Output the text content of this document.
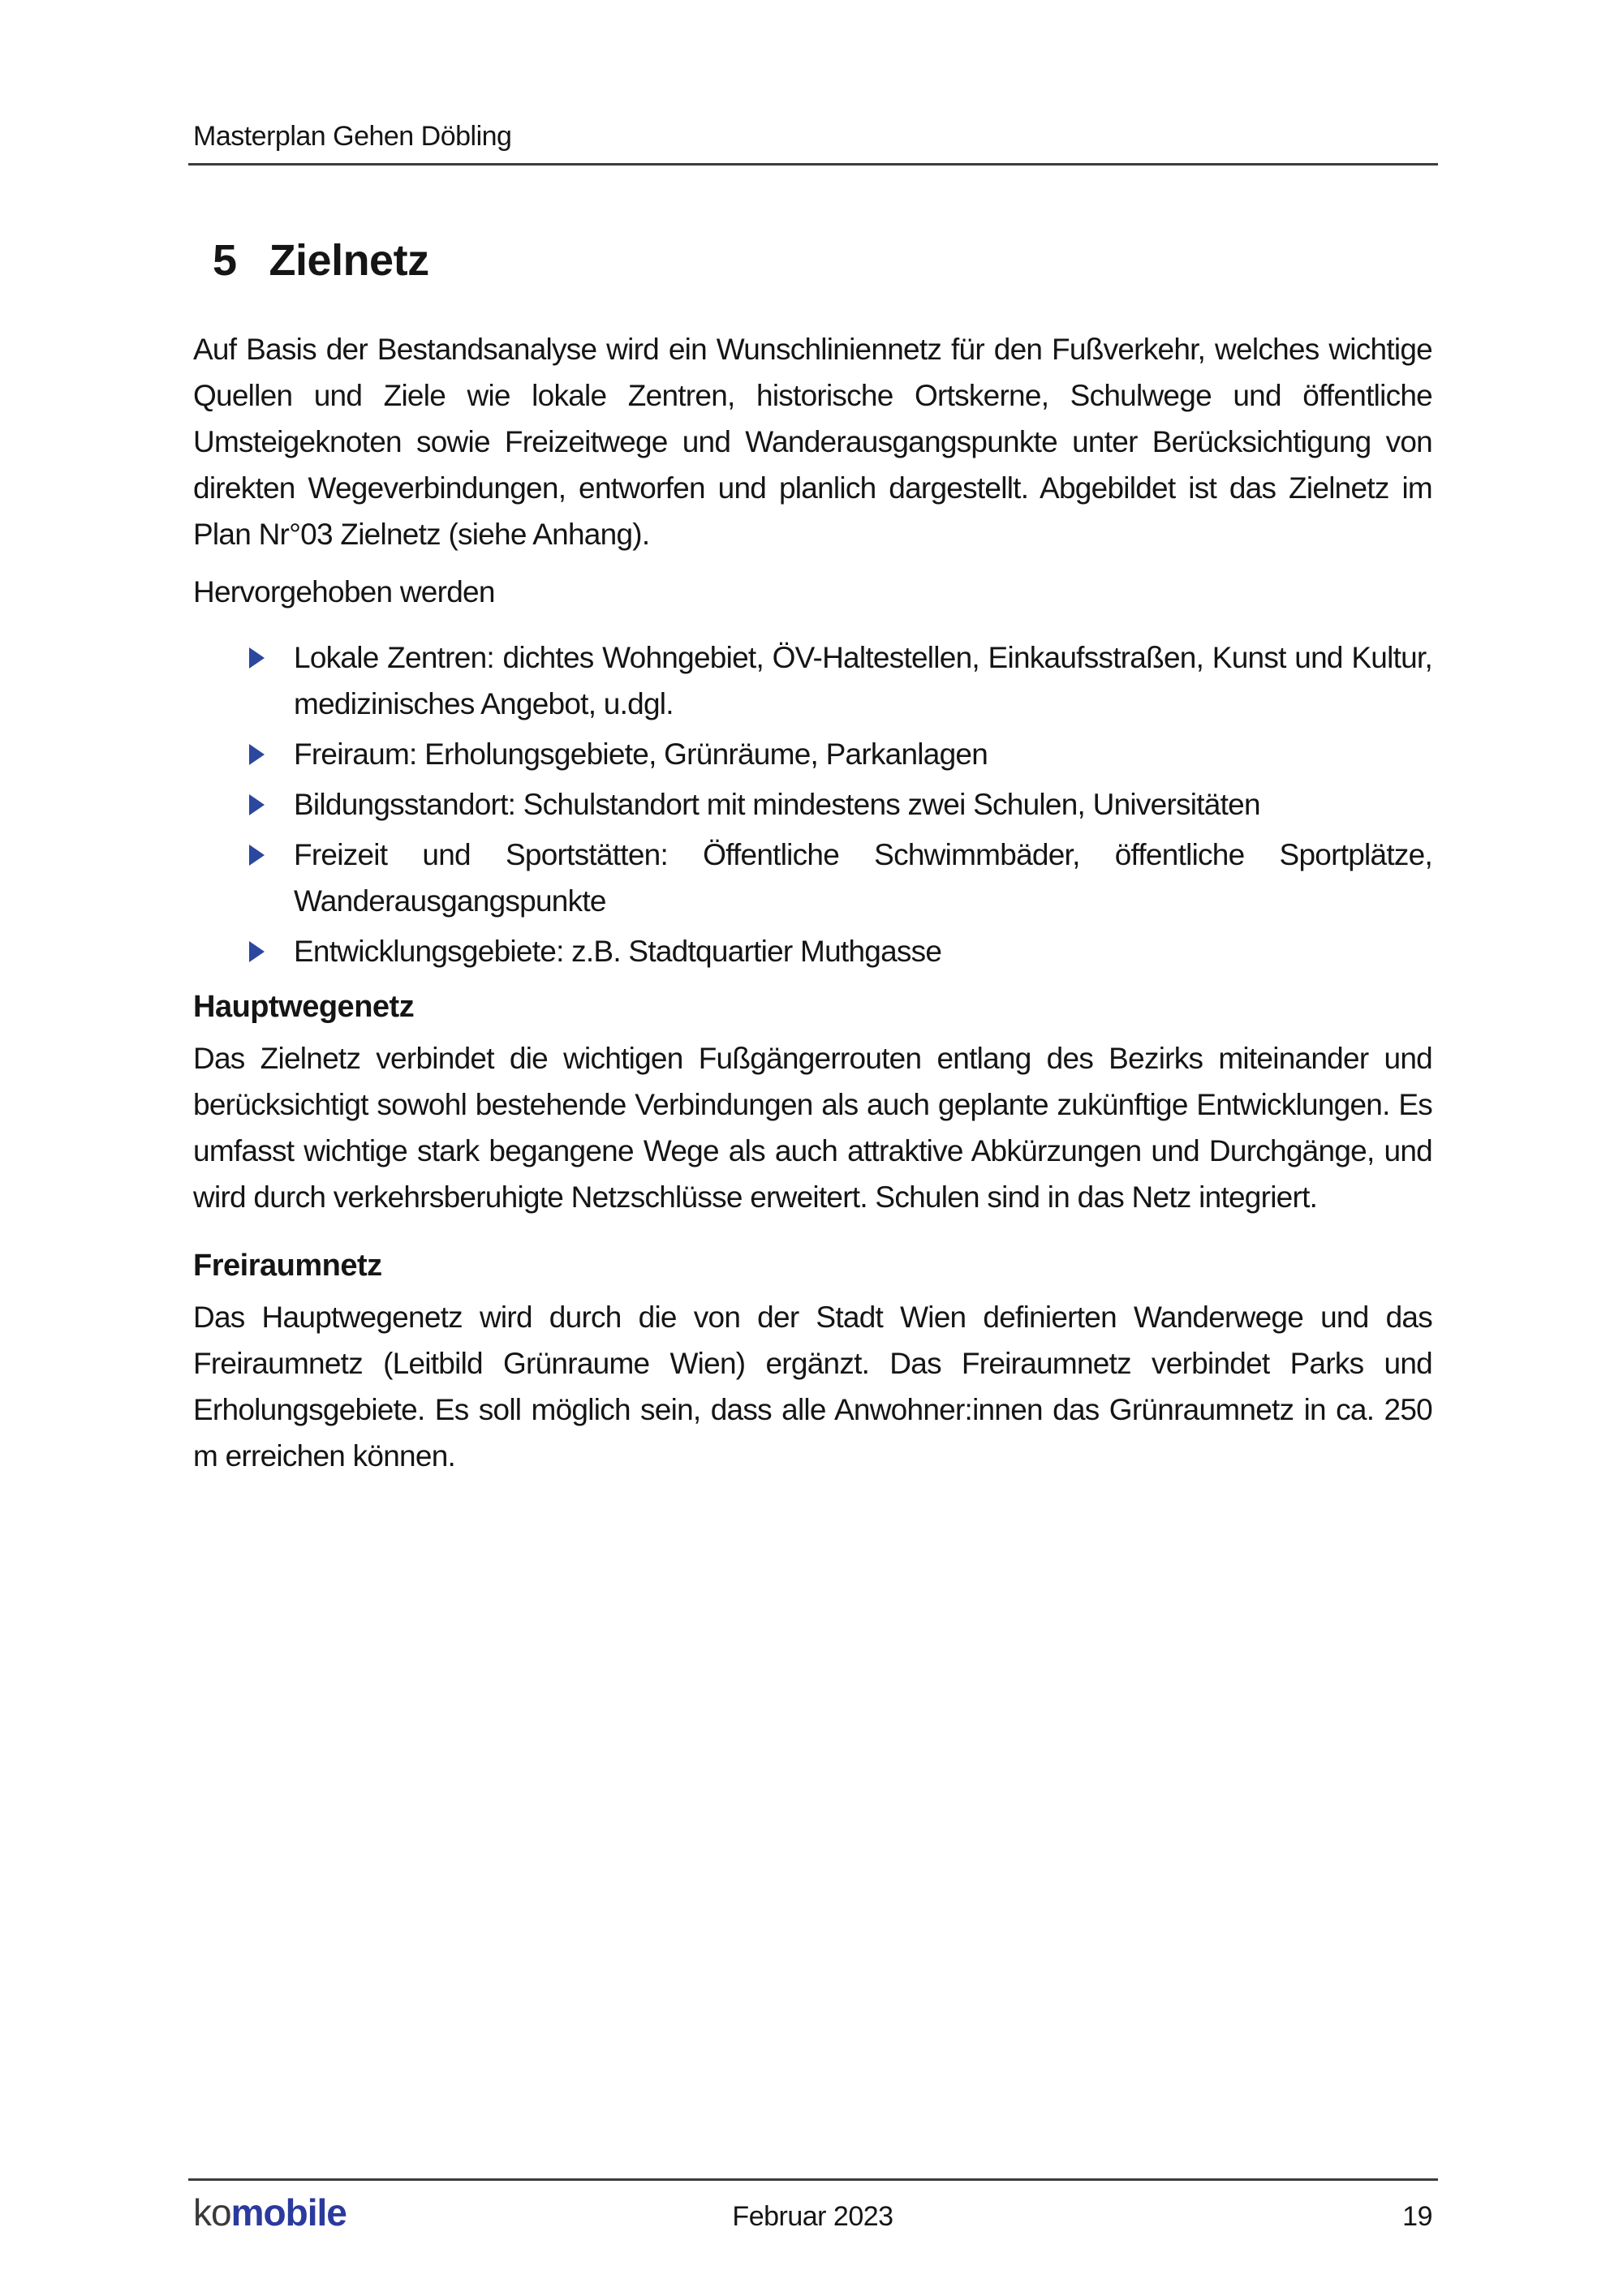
Masterplan Gehen Döbling
5 Zielnetz

Auf Basis der Bestandsanalyse wird ein Wunschliniennetz für den Fußverkehr, welches wichtige Quellen und Ziele wie lokale Zentren, historische Ortskerne, Schulwege und öffentliche Umsteigeknoten sowie Freizeitwege und Wanderausgangspunkte unter Berücksichtigung von direkten Wegeverbindungen, entworfen und planlich dargestellt. Abgebildet ist das Zielnetz im Plan Nr°03 Zielnetz (siehe Anhang).

Hervorgehoben werden

Lokale Zentren: dichtes Wohngebiet, ÖV-Haltestellen, Einkaufsstraßen, Kunst und Kultur, medizinisches Angebot, u.dgl.
Freiraum: Erholungsgebiete, Grünräume, Parkanlagen
Bildungsstandort: Schulstandort mit mindestens zwei Schulen, Universitäten
Freizeit und Sportstätten: Öffentliche Schwimmbäder, öffentliche Sportplätze, Wanderausgangspunkte
Entwicklungsgebiete: z.B. Stadtquartier Muthgasse
Hauptwegenetz

Das Zielnetz verbindet die wichtigen Fußgängerrouten entlang des Bezirks miteinander und berücksichtigt sowohl bestehende Verbindungen als auch geplante zukünftige Entwicklungen. Es umfasst wichtige stark begangene Wege als auch attraktive Abkürzungen und Durchgänge, und wird durch verkehrsberuhigte Netzschlüsse erweitert. Schulen sind in das Netz integriert.

Freiraumnetz

Das Hauptwegenetz wird durch die von der Stadt Wien definierten Wanderwege und das Freiraumnetz (Leitbild Grünraume Wien) ergänzt. Das Freiraumnetz verbindet Parks und Erholungsgebiete. Es soll möglich sein, dass alle Anwohner:innen das Grünraumnetz in ca. 250 m erreichen können.

komobile	Februar 2023	19
